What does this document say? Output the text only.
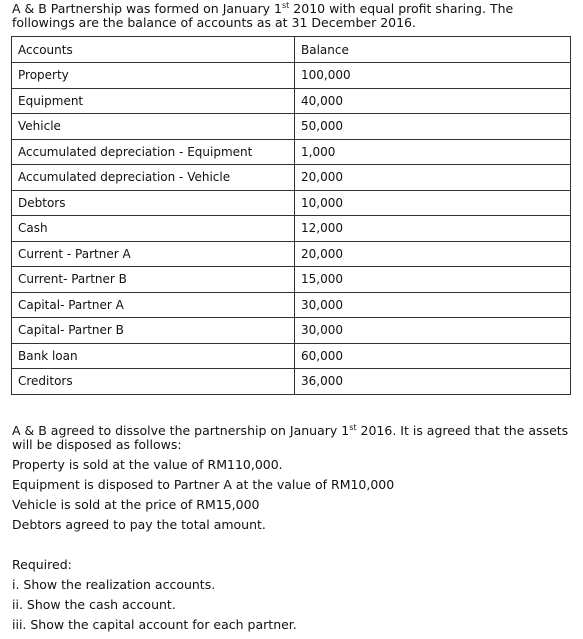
A & B Partnership was formed on January 1st 2010 with equal profit sharing. The followings are the balance of accounts as at 31 December 2016.
Accounts	Balance
Property	100,000
Equipment	40,000
Vehicle	50,000
Accumulated depreciation - Equipment	1,000
Accumulated depreciation - Vehicle	20,000
Debtors	10,000
Cash	12,000
Current - Partner A	20,000
Current- Partner B	15,000
Capital- Partner A	30,000
Capital- Partner B	30,000
Bank loan	60,000
Creditors	36,000
A & B agreed to dissolve the partnership on January 1st 2016. It is agreed that the assets will be disposed as follows:
Property is sold at the value of RM110,000.
Equipment is disposed to Partner A at the value of RM10,000
Vehicle is sold at the price of RM15,000
Debtors agreed to pay the total amount.
Required:
i. Show the realization accounts.
ii. Show the cash account.
iii. Show the capital account for each partner.
